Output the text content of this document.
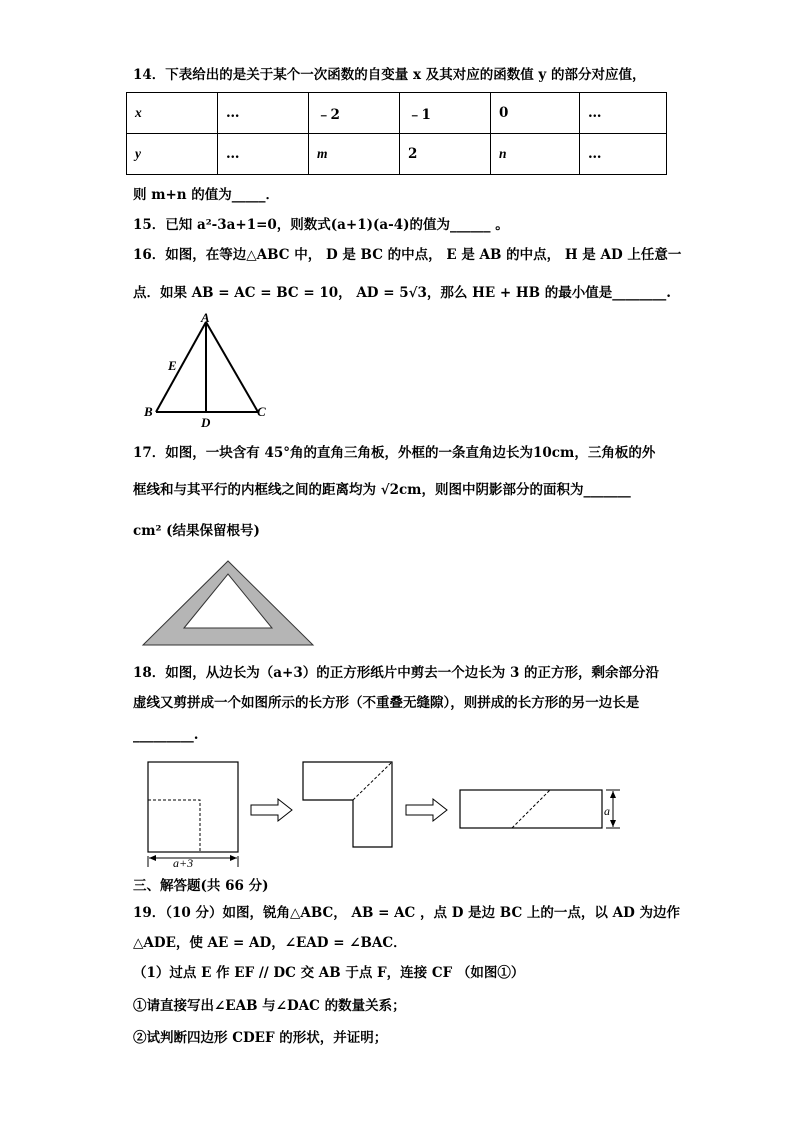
14．下表给出的是关于某个一次函数的自变量 x 及其对应的函数值 y 的部分对应值，
x	…	﹣2	﹣1	0	…
y	…	m	2	n	…
则 m+n 的值为_____．
15．已知 a²-3a+1=0，则数式(a+1)(a-4)的值为______ 。
16．如图，在等边△ABC 中， D 是 BC 的中点， E 是 AB 的中点， H 是 AD 上任意一
点．如果 AB = AC = BC = 10， AD = 5√3，那么 HE + HB 的最小值是________.
A
E
B
D
C
17．如图，一块含有 45°角的直角三角板，外框的一条直角边长为10cm，三角板的外
框线和与其平行的内框线之间的距离均为 √2cm，则图中阴影部分的面积为_______
cm² (结果保留根号)
18．如图，从边长为（a+3）的正方形纸片中剪去一个边长为 3 的正方形，剩余部分沿
虚线又剪拼成一个如图所示的长方形（不重叠无缝隙），则拼成的长方形的另一边长是
_________.
a+3
a
三、解答题(共 66 分)
19．（10 分）如图，锐角△ABC， AB = AC ，点 D 是边 BC 上的一点，以 AD 为边作
△ADE，使 AE = AD，∠EAD = ∠BAC．
（1）过点 E 作 EF // DC 交 AB 于点 F，连接 CF （如图①）
①请直接写出∠EAB 与∠DAC 的数量关系；
②试判断四边形 CDEF 的形状，并证明；
